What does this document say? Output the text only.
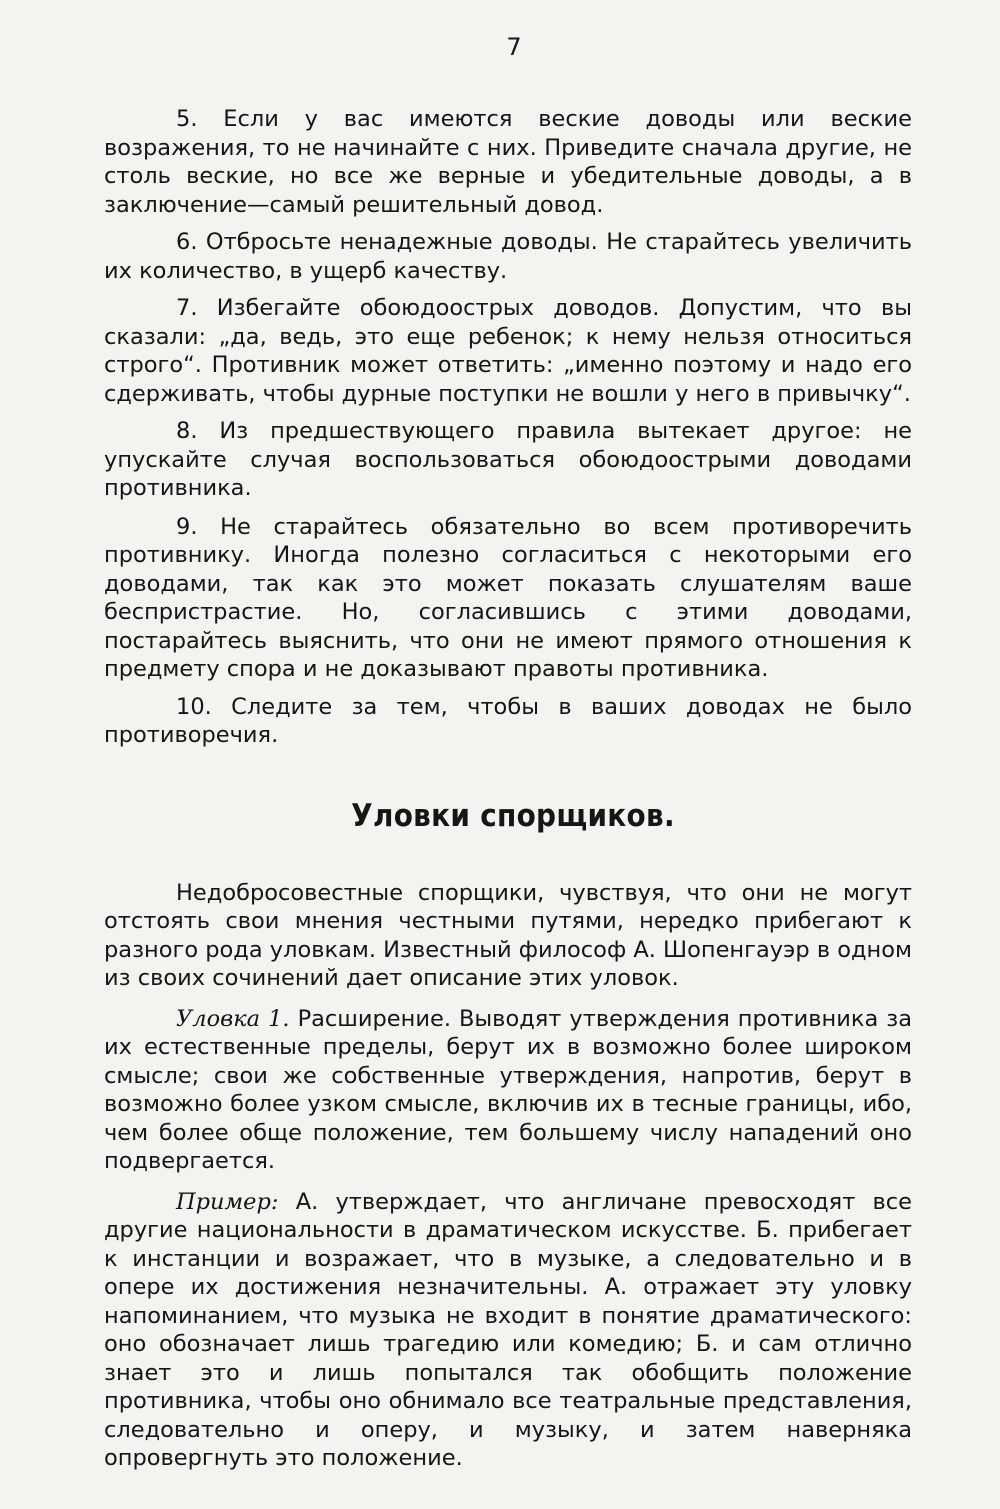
7

5. Если у вас имеются веские доводы или веские возражения, то не начинайте с них. Приведите сначала другие, не столь веские, но все же верные и убедительные доводы, а в заключение—самый решительный довод.

6. Отбросьте ненадежные доводы. Не старайтесь увеличить их количество, в ущерб качеству.

7. Избегайте обоюдоострых доводов. Допустим, что вы сказали: „да, ведь, это еще ребенок; к нему нельзя относиться строго“. Противник может ответить: „именно поэтому и надо его сдерживать, чтобы дурные поступки не вошли у него в привычку“.

8. Из предшествующего правила вытекает другое: не упускайте случая воспользоваться обоюдоострыми доводами противника.

9. Не старайтесь обязательно во всем противоречить противнику. Иногда полезно согласиться с некоторыми его доводами, так как это может показать слушателям ваше беспристрастие. Но, согласившись с этими доводами, постарайтесь выяснить, что они не имеют прямого отношения к предмету спора и не доказывают правоты противника.

10. Следите за тем, чтобы в ваших доводах не было противоречия.

Уловки спорщиков.

Недобросовестные спорщики, чувствуя, что они не могут отстоять свои мнения честными путями, нередко прибегают к разного рода уловкам. Известный философ А. Шопенгауэр в одном из своих сочинений дает описание этих уловок.

Уловка 1. Расширение. Выводят утверждения противника за их естественные пределы, берут их в возможно более широком смысле; свои же собственные утверждения, напротив, берут в возможно более узком смысле, включив их в тесные границы, ибо, чем более обще положение, тем большему числу нападений оно подвергается.

Пример: А. утверждает, что англичане превосходят все другие национальности в драматическом искусстве. Б. прибегает к инстанции и возражает, что в музыке, а следовательно и в опере их достижения незначительны. А. отражает эту уловку напоминанием, что музыка не входит в понятие драматического: оно обозначает лишь трагедию или комедию; Б. и сам отлично знает это и лишь попытался так обобщить положение противника, чтобы оно обнимало все театральные представления, следовательно и оперу, и музыку, и затем наверняка опровергнуть это положение.
